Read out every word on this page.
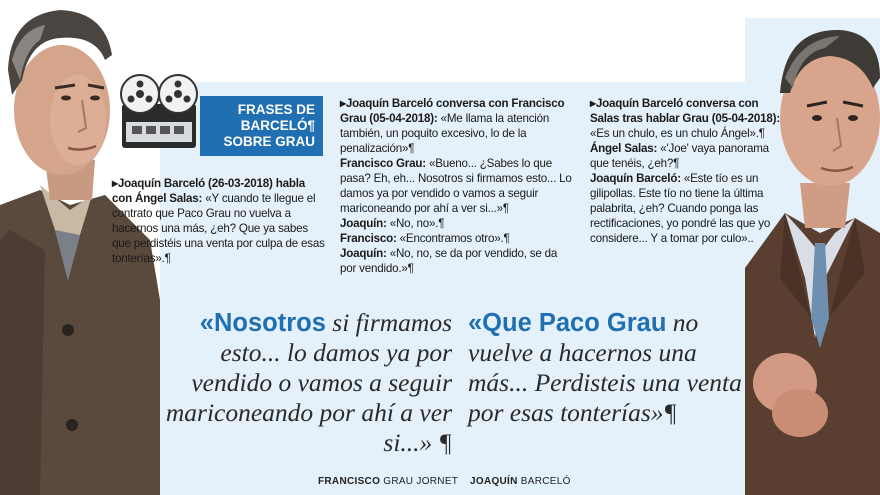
FRASES DE
BARCELÓ¶
SOBRE GRAU

▸ Joaquín Barceló (26-03-2018) habla con Ángel Salas: «Y cuando te llegue el contrato que Paco Grau no vuelva a hacernos una más, ¿eh? Que ya sabes que perdistéis una venta por culpa de esas tonterías».¶

▸ Joaquín Barceló conversa con Francisco Grau (05-04-2018): «Me llama la atención también, un poquito excesivo, lo de la penalización»¶

Francisco Grau: «Bueno... ¿Sabes lo que pasa? Eh, eh... Nosotros si firmamos esto... Lo damos ya por vendido o vamos a seguir mariconeando por ahí a ver si...»¶

Joaquín: «No, no».¶

Francisco: «Encontramos otro».¶

Joaquín: «No, no, se da por vendido, se da por vendido.»¶

▸ Joaquín Barceló conversa con Salas tras hablar Grau (05-04-2018): «Es un chulo, es un chulo Ángel».¶

Ángel Salas: «'Joe' vaya panorama que tenéis, ¿eh?¶

Joaquín Barceló: «Este tío es un gilipollas. Este tío no tiene la última palabrita, ¿eh? Cuando ponga las rectificaciones, yo pondré las que yo considere... Y a tomar por culo»..

«Nosotros si firmamos esto... lo damos ya por vendido o vamos a seguir mariconeando por ahí a ver si...» ¶
«Que Paco Grau no vuelve a hacernos una más... Perdisteis una venta por esas tonterías»¶
FRANCISCO GRAU JORNET JOAQUÍN BARCELÓ
